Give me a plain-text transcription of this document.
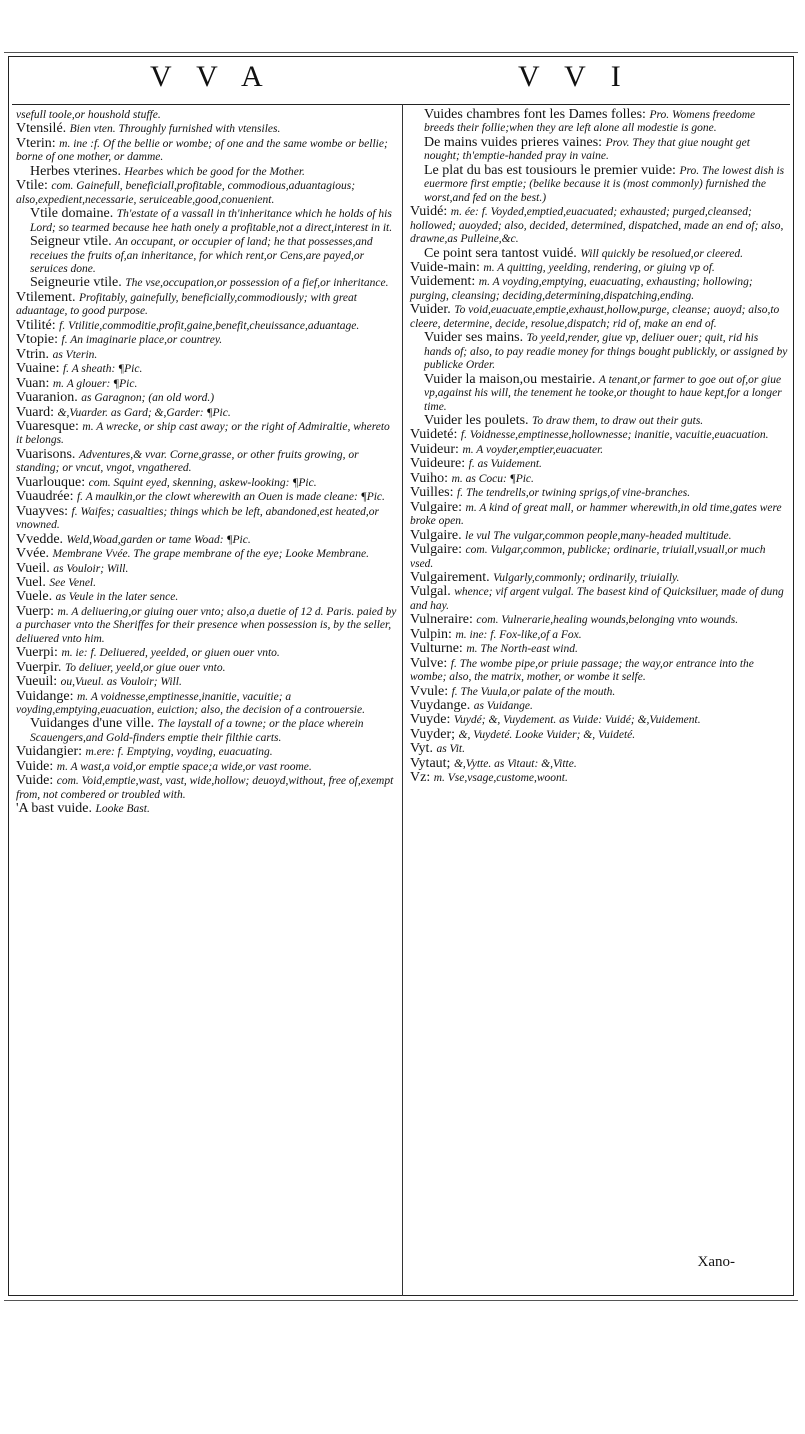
V V A	V V I

vsefull toole,or houshold stuffe.

Vtensilé. Bien vten. Throughly furnished with vtensiles.

Vterin: m. ine :f. Of the bellie or wombe; of one and the same wombe or bellie; borne of one mother, or damme.

Herbes vterines. Hearbes which be good for the Mother.

Vtile: com. Gainefull, beneficiall,profitable, commodious,aduantagious; also,expedient,necessarie, seruiceable,good,conuenient.

Vtile domaine. Th'estate of a vassall in th'inheritance which he holds of his Lord; so tearmed because hee hath onely a profitable,not a direct,interest in it.

Seigneur vtile. An occupant, or occupier of land; he that possesses,and receiues the fruits of,an inheritance, for which rent,or Cens,are payed,or seruices done.

Seigneurie vtile. The vse,occupation,or possession of a fief,or inheritance.

Vtilement. Profitably, gainefully, beneficially,commodiously; with great aduantage, to good purpose.

Vtilité: f. Vtilitie,commoditie,profit,gaine,benefit,cheuissance,aduantage.

Vtopie: f. An imaginarie place,or countrey.

Vtrin. as Vterin.

Vuaine: f. A sheath: ¶Pic.

Vuan: m. A glouer: ¶Pic.

Vuaranion. as Garagnon; (an old word.)

Vuard: &,Vuarder. as Gard; &,Garder: ¶Pic.

Vuaresque: m. A wrecke, or ship cast away; or the right of Admiraltie, whereto it belongs.

Vuarisons. Adventures,& vvar. Corne,grasse, or other fruits growing, or standing; or vncut, vngot, vngathered.

Vuarlouque: com. Squint eyed, skenning, askew-looking: ¶Pic.

Vuaudrée: f. A maulkin,or the clowt wherewith an Ouen is made cleane: ¶Pic.

Vuayves: f. Waifes; casualties; things which be left, abandoned,est heated,or vnowned.

Vvedde. Weld,Woad,garden or tame Woad: ¶Pic.

Vvée. Membrane Vvée. The grape membrane of the eye; Looke Membrane.

Vueil. as Vouloir; Will.

Vuel. See Venel.

Vuele. as Veule in the later sence.

Vuerp: m. A deliuering,or giuing ouer vnto; also,a duetie of 12 d. Paris. paied by a purchaser vnto the Sheriffes for their presence when possession is, by the seller, deliuered vnto him.

Vuerpi: m. ie: f. Deliuered, yeelded, or giuen ouer vnto.

Vuerpir. To deliuer, yeeld,or giue ouer vnto.

Vueuil: ou,Vueul. as Vouloir; Will.

Vuidange: m. A voidnesse,emptinesse,inanitie, vacuitie; a voyding,emptying,euacuation, euiction; also, the decision of a controuersie.

Vuidanges d'une ville. The laystall of a towne; or the place wherein Scauengers,and Gold-finders emptie their filthie carts.

Vuidangier: m.ere: f. Emptying, voyding, euacuating.

Vuide: m. A wast,a void,or emptie space;a wide,or vast roome.

Vuide: com. Void,emptie,wast, vast, wide,hollow; deuoyd,without, free of,exempt from, not combered or troubled with.

'A bast vuide. Looke Bast.

Vuides chambres font les Dames folles: Pro. Womens freedome breeds their follie;when they are left alone all modestie is gone.

De mains vuides prieres vaines: Prov. They that giue nought get nought; th'emptie-handed pray in vaine.

Le plat du bas est tousiours le premier vuide: Pro. The lowest dish is euermore first emptie; (belike because it is (most commonly) furnished the worst,and fed on the best.)

Vuidé: m. ée: f. Voyded,emptied,euacuated; exhausted; purged,cleansed; hollowed; auoyded; also, decided, determined, dispatched, made an end of; also, drawne,as Pulleine,&c.

Ce point sera tantost vuidé. Will quickly be resolued,or cleered.

Vuide-main: m. A quitting, yeelding, rendering, or giuing vp of.

Vuidement: m. A voyding,emptying, euacuating, exhausting; hollowing; purging, cleansing; deciding,determining,dispatching,ending.

Vuider. To void,euacuate,emptie,exhaust,hollow,purge, cleanse; auoyd; also,to cleere, determine, decide, resolue,dispatch; rid of, make an end of.

Vuider ses mains. To yeeld,render, giue vp, deliuer ouer; quit, rid his hands of; also, to pay readie money for things bought publickly, or assigned by publicke Order.

Vuider la maison,ou mestairie. A tenant,or farmer to goe out of,or giue vp,against his will, the tenement he tooke,or thought to haue kept,for a longer time.

Vuider les poulets. To draw them, to draw out their guts.

Vuideté: f. Voidnesse,emptinesse,hollownesse; inanitie, vacuitie,euacuation.

Vuideur: m. A voyder,emptier,euacuater.

Vuideure: f. as Vuidement.

Vuiho: m. as Cocu: ¶Pic.

Vuilles: f. The tendrells,or twining sprigs,of vine-branches.

Vulgaire: m. A kind of great mall, or hammer wherewith,in old time,gates were broke open.

Vulgaire. le vul The vulgar,common people,many-headed multitude.

Vulgaire: com. Vulgar,common, publicke; ordinarie, triuiall,vsuall,or much vsed.

Vulgairement. Vulgarly,commonly; ordinarily, triuially.

Vulgal. whence; vif argent vulgal. The basest kind of Quicksiluer, made of dung and hay.

Vulneraire: com. Vulnerarie,healing wounds,belonging vnto wounds.

Vulpin: m. ine: f. Fox-like,of a Fox.

Vulturne: m. The North-east wind.

Vulve: f. The wombe pipe,or priuie passage; the way,or entrance into the wombe; also, the matrix, mother, or wombe it selfe.

Vvule: f. The Vuula,or palate of the mouth.

Vuydange. as Vuidange.

Vuyde: Vuydé; &, Vuydement. as Vuide: Vuidé; &,Vuidement.

Vuyder; &, Vuydeté. Looke Vuider; &, Vuideté.

Vyt. as Vit.

Vytaut; &,Vytte. as Vitaut: &,Vitte.

Vz: m. Vse,vsage,custome,woont.

Xano-
